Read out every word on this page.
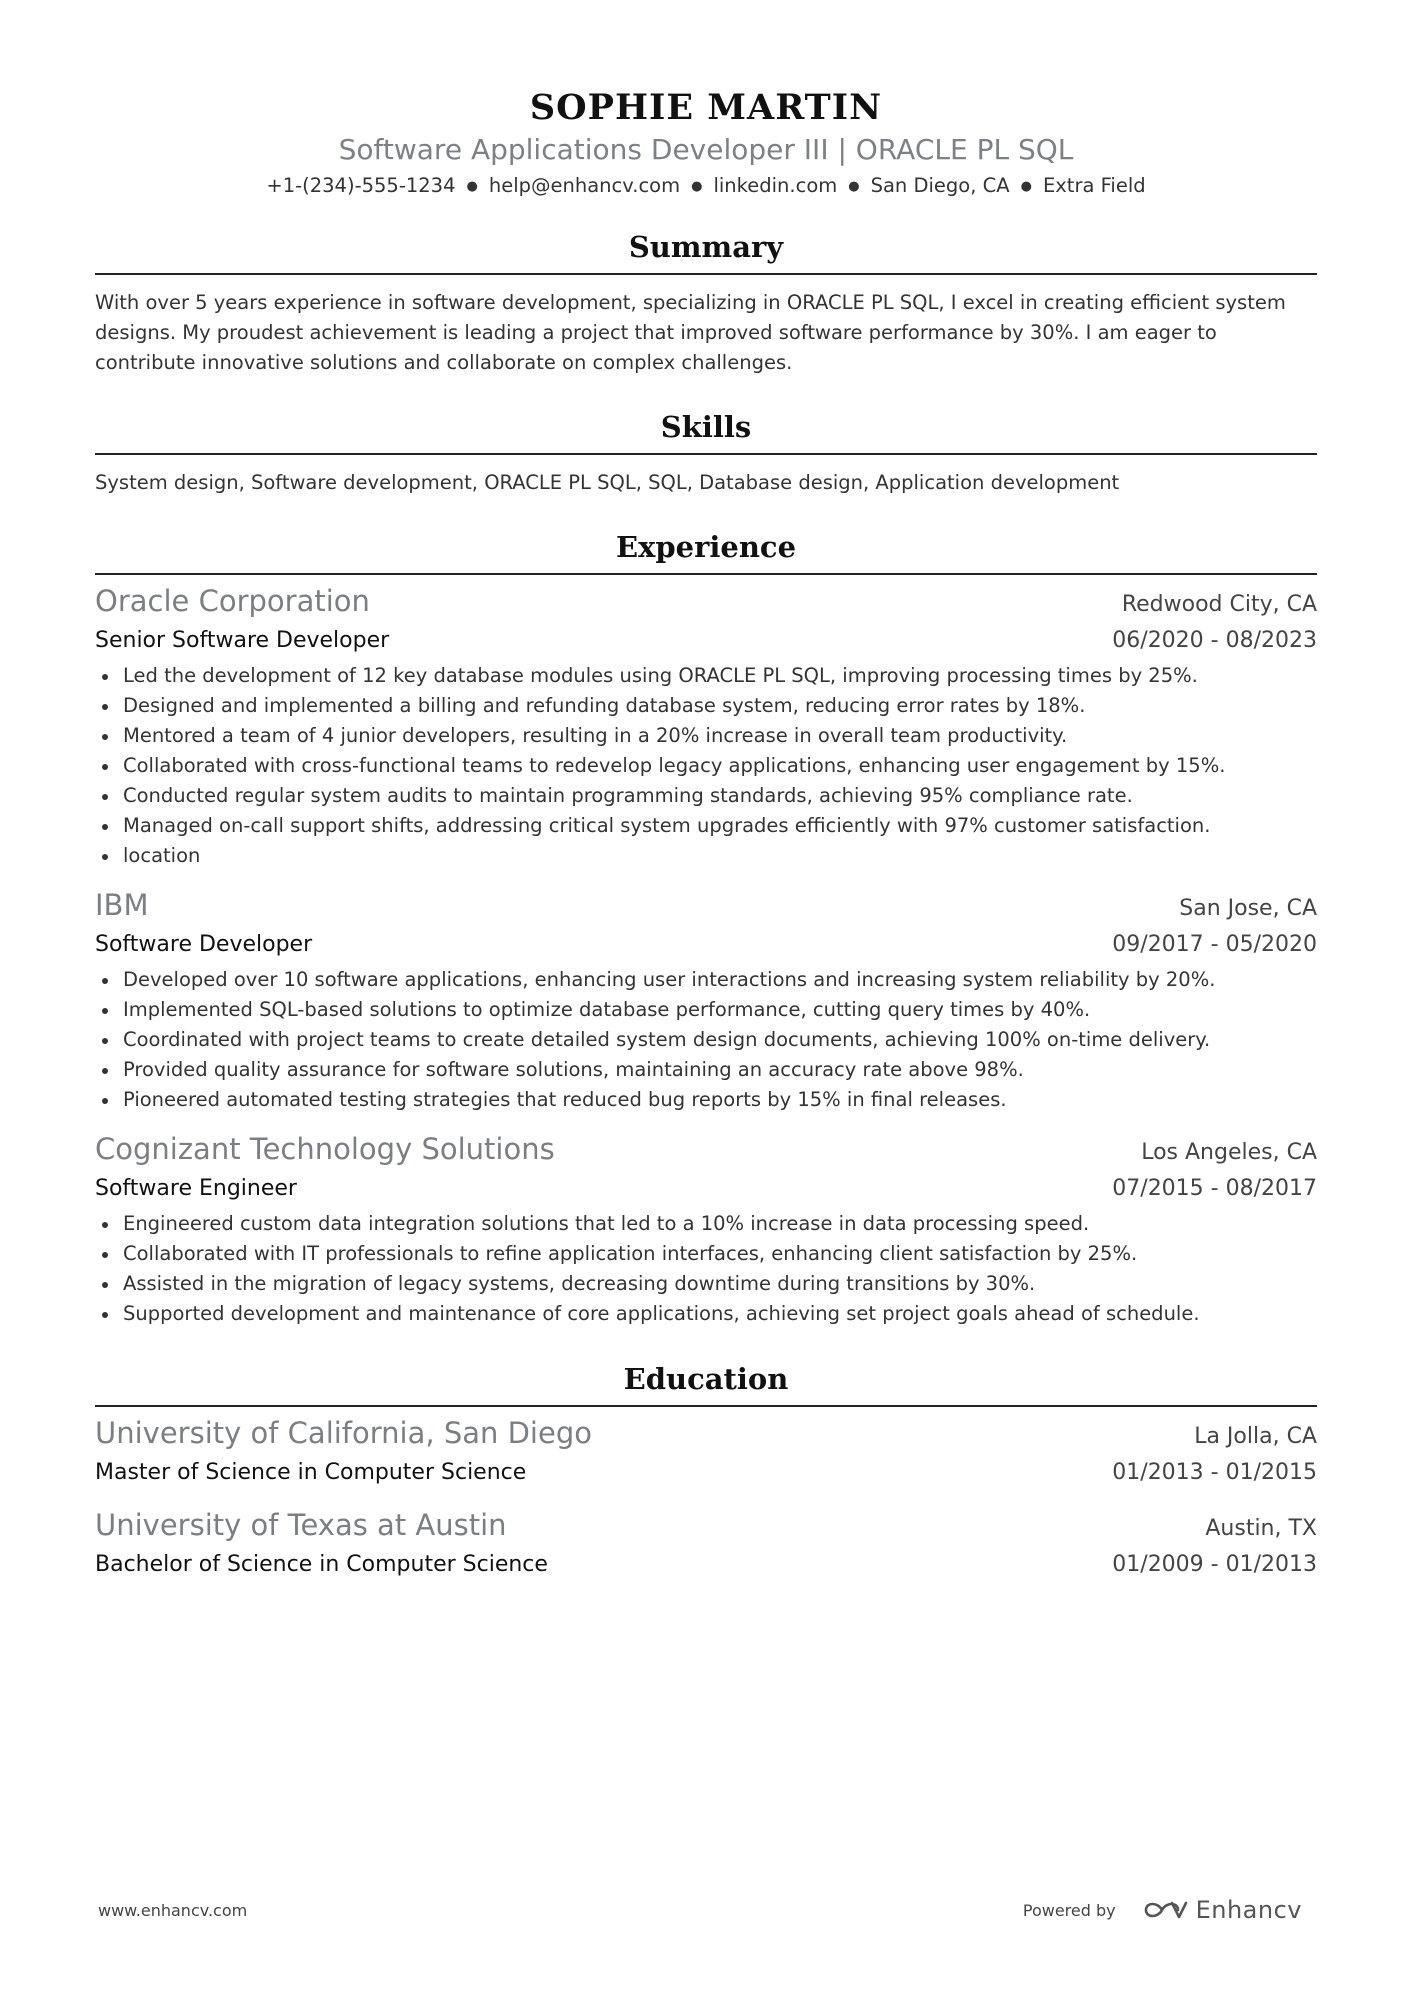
SOPHIE MARTIN
Software Applications Developer III | ORACLE PL SQL
+1-(234)-555-1234 ● help@enhancv.com ● linkedin.com ● San Diego, CA ● Extra Field
Summary
With over 5 years experience in software development, specializing in ORACLE PL SQL, I excel in creating efficient system designs. My proudest achievement is leading a project that improved software performance by 30%. I am eager to contribute innovative solutions and collaborate on complex challenges.
Skills
System design, Software development, ORACLE PL SQL, SQL, Database design, Application development
Experience
Oracle Corporation	Redwood City, CA
Senior Software Developer	06/2020 - 08/2023
Led the development of 12 key database modules using ORACLE PL SQL, improving processing times by 25%.
Designed and implemented a billing and refunding database system, reducing error rates by 18%.
Mentored a team of 4 junior developers, resulting in a 20% increase in overall team productivity.
Collaborated with cross-functional teams to redevelop legacy applications, enhancing user engagement by 15%.
Conducted regular system audits to maintain programming standards, achieving 95% compliance rate.
Managed on-call support shifts, addressing critical system upgrades efficiently with 97% customer satisfaction.
location
IBM	San Jose, CA
Software Developer	09/2017 - 05/2020
Developed over 10 software applications, enhancing user interactions and increasing system reliability by 20%.
Implemented SQL-based solutions to optimize database performance, cutting query times by 40%.
Coordinated with project teams to create detailed system design documents, achieving 100% on-time delivery.
Provided quality assurance for software solutions, maintaining an accuracy rate above 98%.
Pioneered automated testing strategies that reduced bug reports by 15% in final releases.
Cognizant Technology Solutions	Los Angeles, CA
Software Engineer	07/2015 - 08/2017
Engineered custom data integration solutions that led to a 10% increase in data processing speed.
Collaborated with IT professionals to refine application interfaces, enhancing client satisfaction by 25%.
Assisted in the migration of legacy systems, decreasing downtime during transitions by 30%.
Supported development and maintenance of core applications, achieving set project goals ahead of schedule.
Education
University of California, San Diego	La Jolla, CA
Master of Science in Computer Science	01/2013 - 01/2015
University of Texas at Austin	Austin, TX
Bachelor of Science in Computer Science	01/2009 - 01/2013
www.enhancv.com	Powered by	Enhancv
